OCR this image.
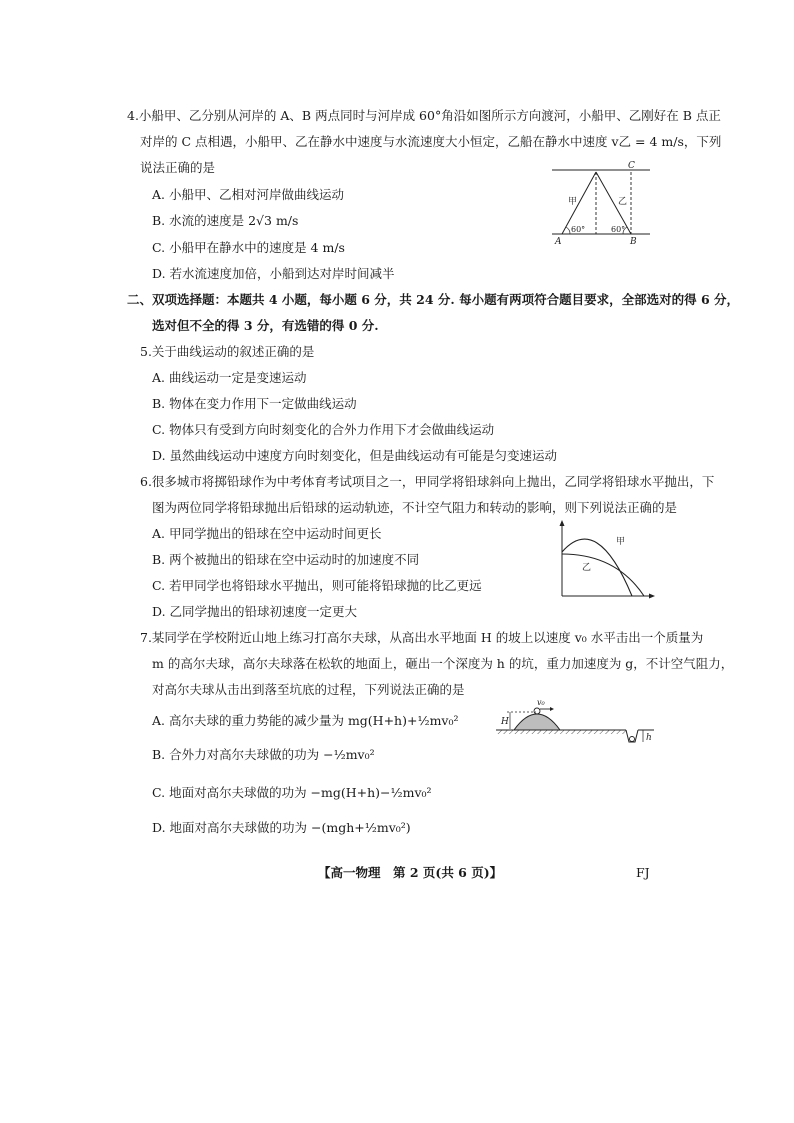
4.小船甲、乙分别从河岸的 A、B 两点同时与河岸成 60°角沿如图所示方向渡河，小船甲、乙刚好在 B 点正
对岸的 C 点相遇，小船甲、乙在静水中速度与水流速度大小恒定，乙船在静水中速度 v乙 = 4 m/s，下列
说法正确的是
A. 小船甲、乙相对河岸做曲线运动
B. 水流的速度是 2√3 m/s
C. 小船甲在静水中的速度是 4 m/s
D. 若水流速度加倍，小船到达对岸时间减半
C
A	B
甲	乙
60°	60°
二、双项选择题：本题共 4 小题，每小题 6 分，共 24 分. 每小题有两项符合题目要求，全部选对的得 6 分，
选对但不全的得 3 分，有选错的得 0 分.
5.关于曲线运动的叙述正确的是
A. 曲线运动一定是变速运动
B. 物体在变力作用下一定做曲线运动
C. 物体只有受到方向时刻变化的合外力作用下才会做曲线运动
D. 虽然曲线运动中速度方向时刻变化，但是曲线运动有可能是匀变速运动
6.很多城市将掷铅球作为中考体育考试项目之一，甲同学将铅球斜向上抛出，乙同学将铅球水平抛出，下
图为两位同学将铅球抛出后铅球的运动轨迹，不计空气阻力和转动的影响，则下列说法正确的是
A. 甲同学抛出的铅球在空中运动时间更长
B. 两个被抛出的铅球在空中运动时的加速度不同
C. 若甲同学也将铅球水平抛出，则可能将铅球抛的比乙更远
D. 乙同学抛出的铅球初速度一定更大
甲
乙
7.某同学在学校附近山地上练习打高尔夫球，从高出水平地面 H 的坡上以速度 v₀ 水平击出一个质量为
m 的高尔夫球，高尔夫球落在松软的地面上，砸出一个深度为 h 的坑，重力加速度为 g，不计空气阻力，
对高尔夫球从击出到落至坑底的过程，下列说法正确的是
A. 高尔夫球的重力势能的减少量为 mg(H+h)+½mv₀²
B. 合外力对高尔夫球做的功为 −½mv₀²
C. 地面对高尔夫球做的功为 −mg(H+h)−½mv₀²
D. 地面对高尔夫球做的功为 −(mgh+½mv₀²)
v₀
H
h
【高一物理　第 2 页(共 6 页)】	FJ
